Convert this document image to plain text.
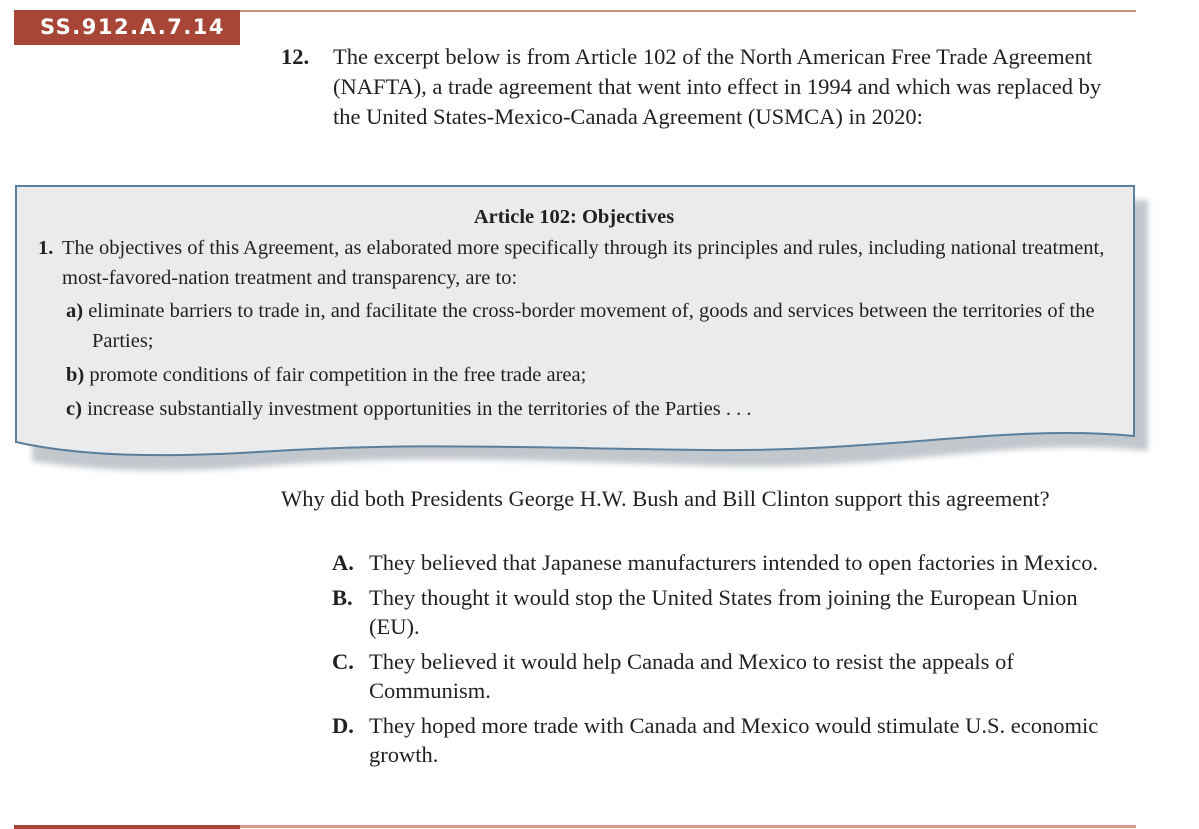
SS.912.A.7.14
12. The excerpt below is from Article 102 of the North American Free Trade Agreement (NAFTA), a trade agreement that went into effect in 1994 and which was replaced by the United States-Mexico-Canada Agreement (USMCA) in 2020:
Article 102: Objectives
1. The objectives of this Agreement, as elaborated more specifically through its principles and rules, including national treatment, most-favored-nation treatment and transparency, are to:
a) eliminate barriers to trade in, and facilitate the cross-border movement of, goods and services between the territories of the Parties;
b) promote conditions of fair competition in the free trade area;
c) increase substantially investment opportunities in the territories of the Parties . . .
Why did both Presidents George H.W. Bush and Bill Clinton support this agreement?
A. They believed that Japanese manufacturers intended to open factories in Mexico.
B. They thought it would stop the United States from joining the European Union (EU).
C. They believed it would help Canada and Mexico to resist the appeals of Communism.
D. They hoped more trade with Canada and Mexico would stimulate U.S. economic growth.
